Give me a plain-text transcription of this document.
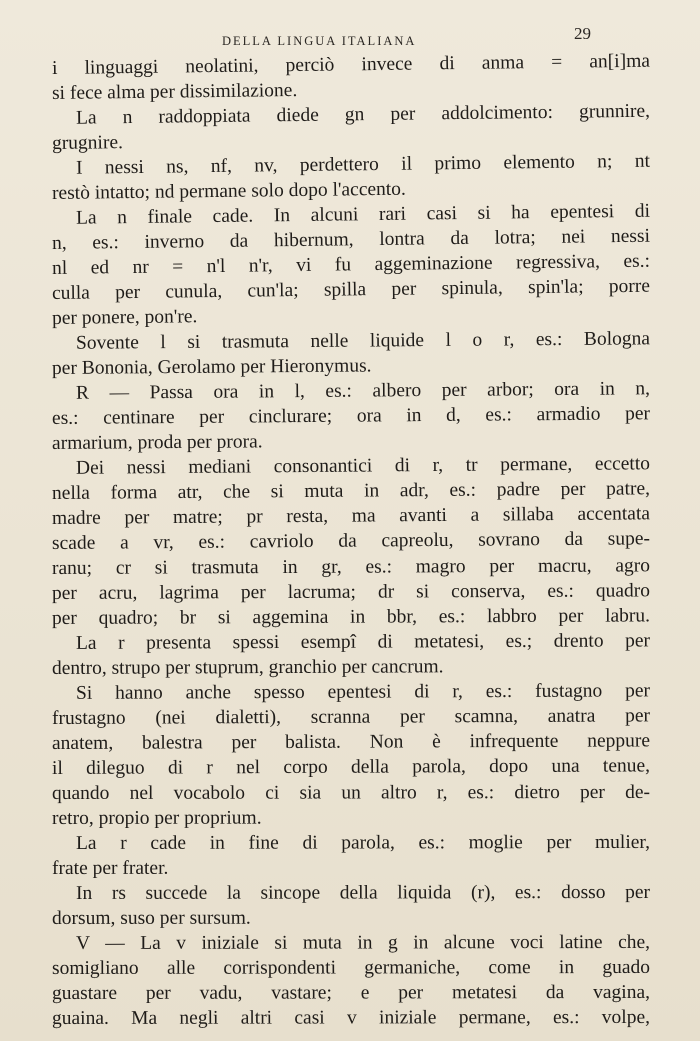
DELLA LINGUA ITALIANA	29
i linguaggi neolatini, perciò invece di anma = an[i]ma
si fece alma per dissimilazione.
La n raddoppiata diede gn per addolcimento: grunnire,
grugnire.
I nessi ns, nf, nv, perdettero il primo elemento n; nt
restò intatto; nd permane solo dopo l'accento.
La n finale cade. In alcuni rari casi si ha epentesi di
n, es.: inverno da hibernum, lontra da lotra; nei nessi
nl ed nr = n'l n'r, vi fu aggeminazione regressiva, es.:
culla per cunula, cun'la; spilla per spinula, spin'la; porre
per ponere, pon're.
Sovente l si trasmuta nelle liquide l o r, es.: Bologna
per Bononia, Gerolamo per Hieronymus.
R — Passa ora in l, es.: albero per arbor; ora in n,
es.: centinare per cinclurare; ora in d, es.: armadio per
armarium, proda per prora.
Dei nessi mediani consonantici di r, tr permane, eccetto
nella forma atr, che si muta in adr, es.: padre per patre,
madre per matre; pr resta, ma avanti a sillaba accentata
scade a vr, es.: cavriolo da capreolu, sovrano da supe-
ranu; cr si trasmuta in gr, es.: magro per macru, agro
per acru, lagrima per lacruma; dr si conserva, es.: quadro
per quadro; br si aggemina in bbr, es.: labbro per labru.
La r presenta spessi esempî di metatesi, es.; drento per
dentro, strupo per stuprum, granchio per cancrum.
Si hanno anche spesso epentesi di r, es.: fustagno per
frustagno (nei dialetti), scranna per scamna, anatra per
anatem, balestra per balista. Non è infrequente neppure
il dileguo di r nel corpo della parola, dopo una tenue,
quando nel vocabolo ci sia un altro r, es.: dietro per de-
retro, propio per proprium.
La r cade in fine di parola, es.: moglie per mulier,
frate per frater.
In rs succede la sincope della liquida (r), es.: dosso per
dorsum, suso per sursum.
V — La v iniziale si muta in g in alcune voci latine che,
somigliano alle corrispondenti germaniche, come in guado
guastare per vadu, vastare; e per metatesi da vagina,
guaina. Ma negli altri casi v iniziale permane, es.: volpe,
